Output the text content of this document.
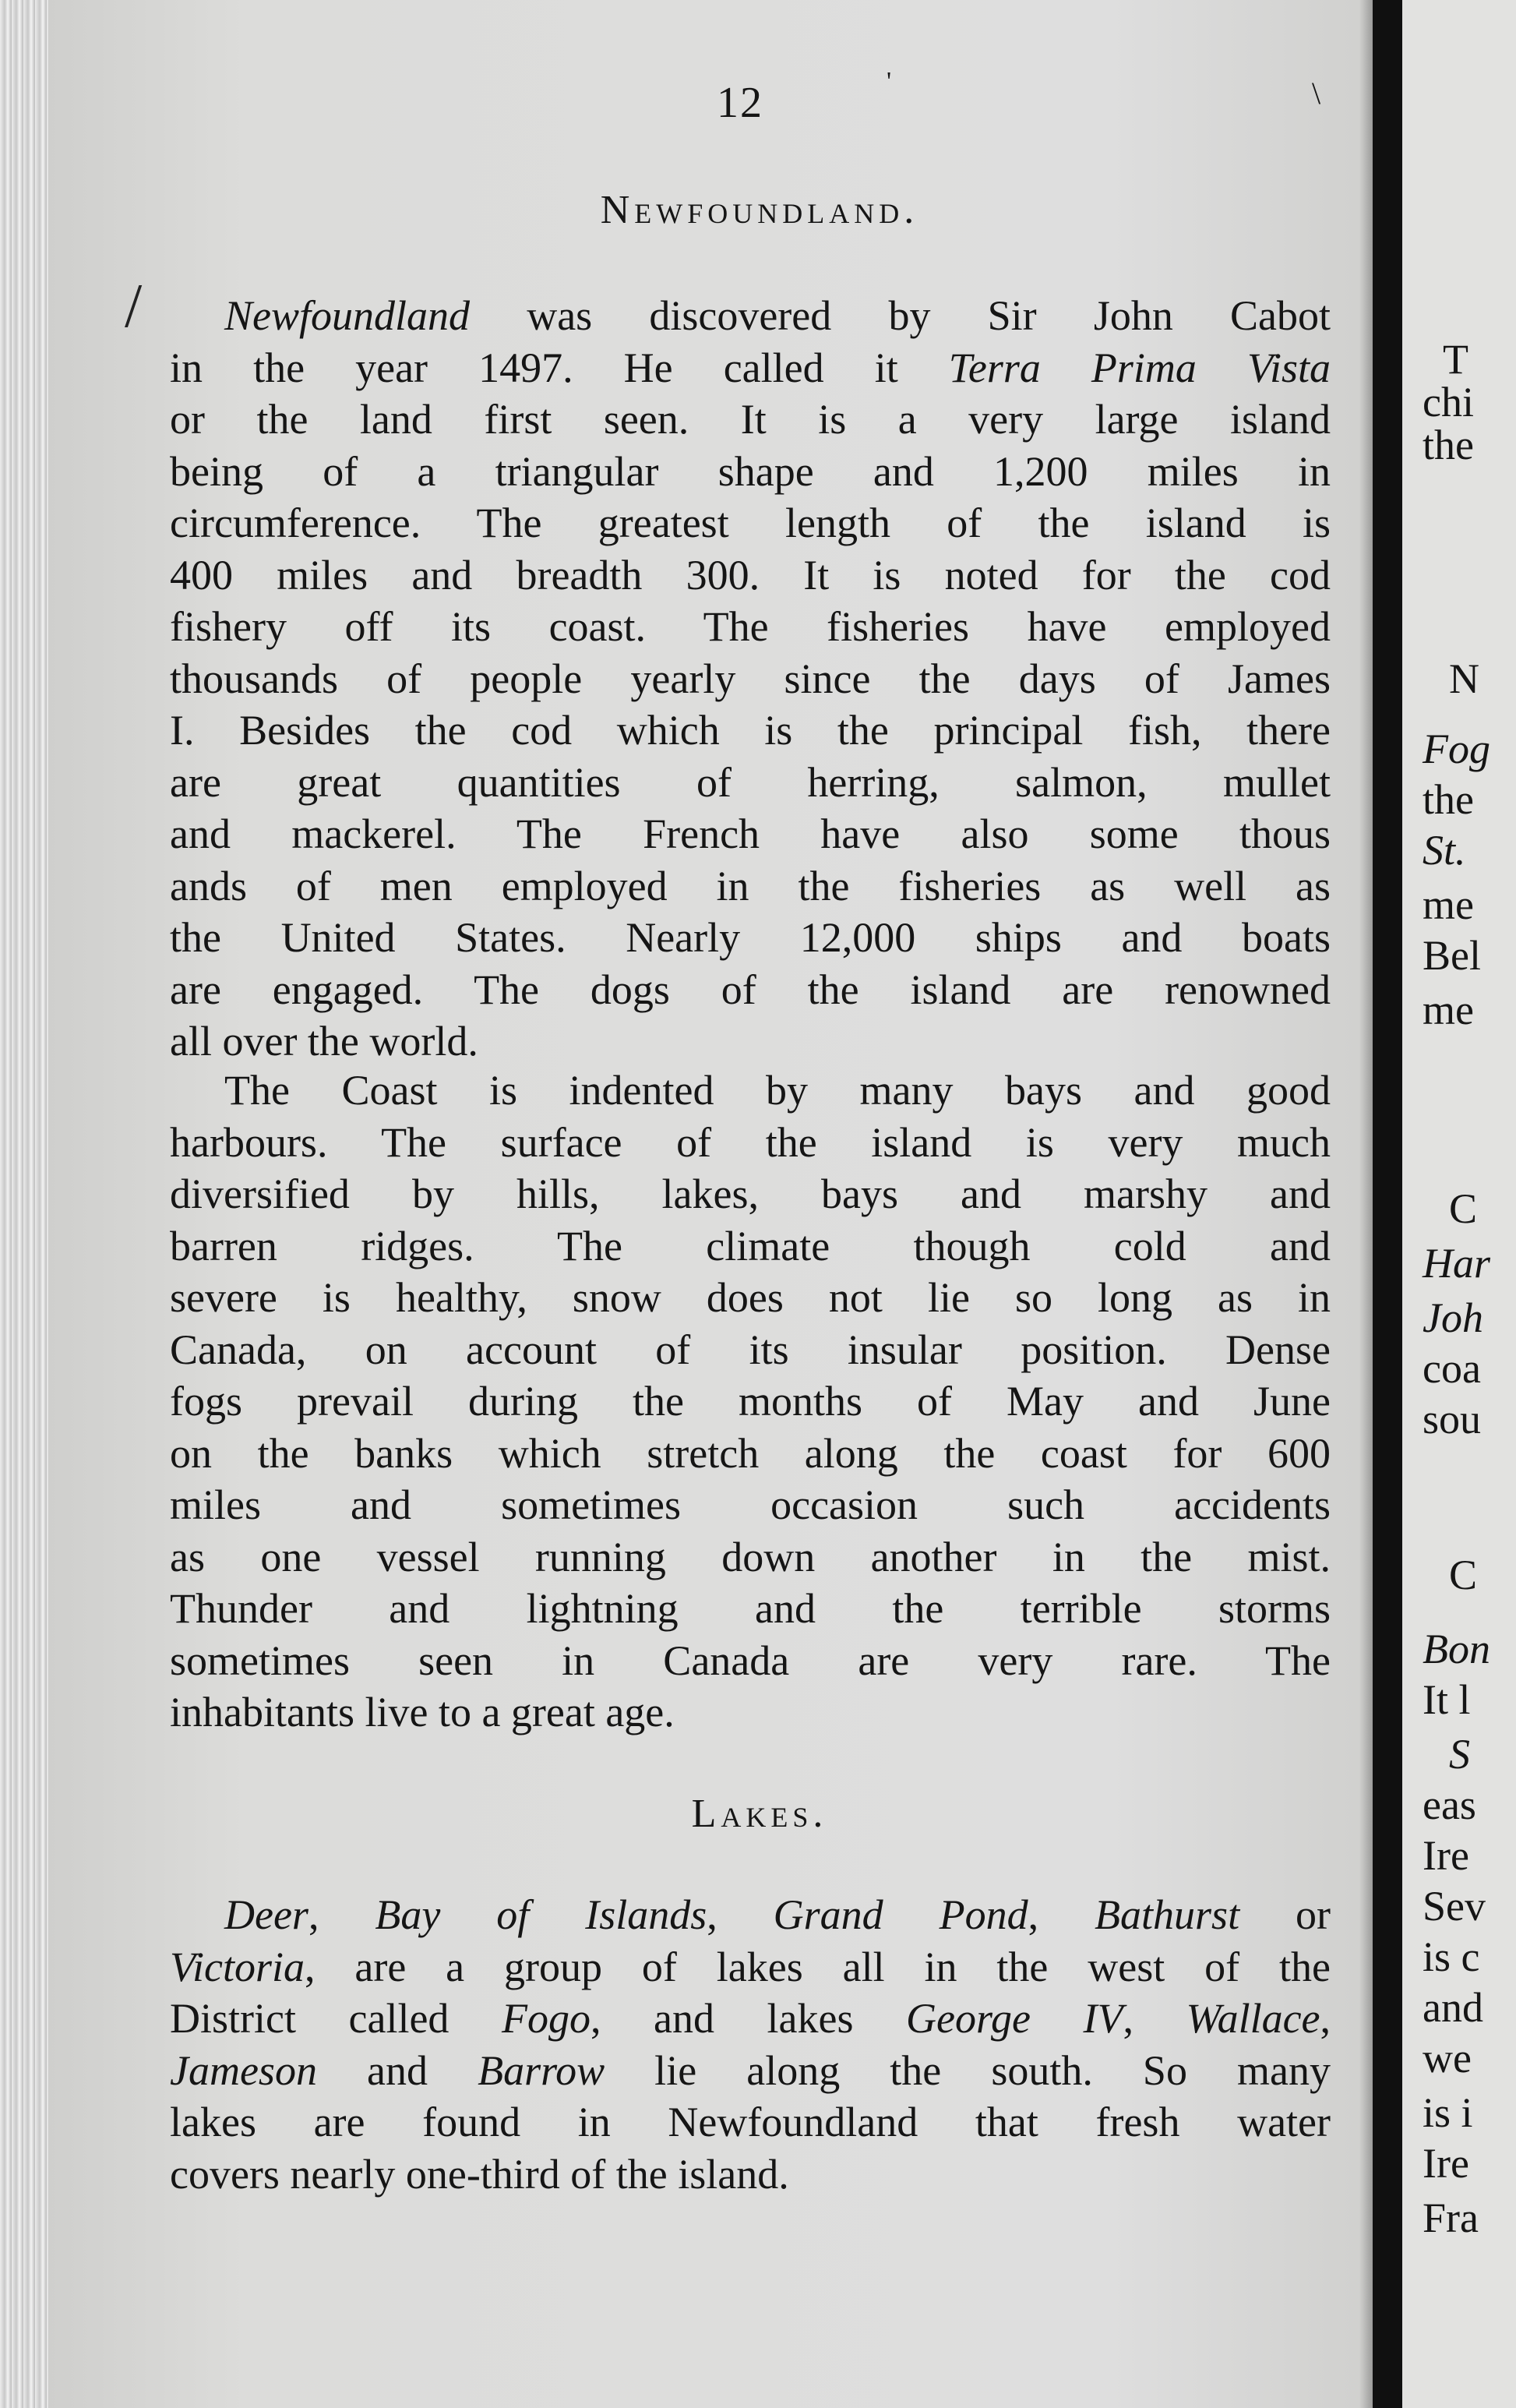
'	\
12
Newfoundland.
/	Newfoundland was discovered by Sir John Cabot
in the year 1497. He called it Terra Prima Vista
or the land first seen. It is a very large island
being of a triangular shape and 1,200 miles in
circumference. The greatest length of the island is
400 miles and breadth 300. It is noted for the cod
fishery off its coast. The fisheries have employed
thousands of people yearly since the days of James
I. Besides the cod which is the principal fish, there
are great quantities of herring, salmon, mullet
and mackerel. The French have also some thous
ands of men employed in the fisheries as well as
the United States. Nearly 12,000 ships and boats
are engaged. The dogs of the island are renowned
all over the world.
The Coast is indented by many bays and good
harbours. The surface of the island is very much
diversified by hills, lakes, bays and marshy and
barren ridges. The climate though cold and
severe is healthy, snow does not lie so long as in
Canada, on account of its insular position. Dense
fogs prevail during the months of May and June
on the banks which stretch along the coast for 600
miles and sometimes occasion such accidents
as one vessel running down another in the mist.
Thunder and lightning and the terrible storms
sometimes seen in Canada are very rare. The
inhabitants live to a great age.
Lakes.
Deer, Bay of Islands, Grand Pond, Bathurst or
Victoria, are a group of lakes all in the west of the
District called Fogo, and lakes George IV, Wallace,
Jameson and Barrow lie along the south. So many
lakes are found in Newfoundland that fresh water
covers nearly one-third of the island.
T
chi
the
N
Fog
the
St.
me
Bel
me
C
Har
Joh
coa
sou
C
Bon
It l
S
eas
Ire
Sev
is c
and
we
is i
Ire
Fra
